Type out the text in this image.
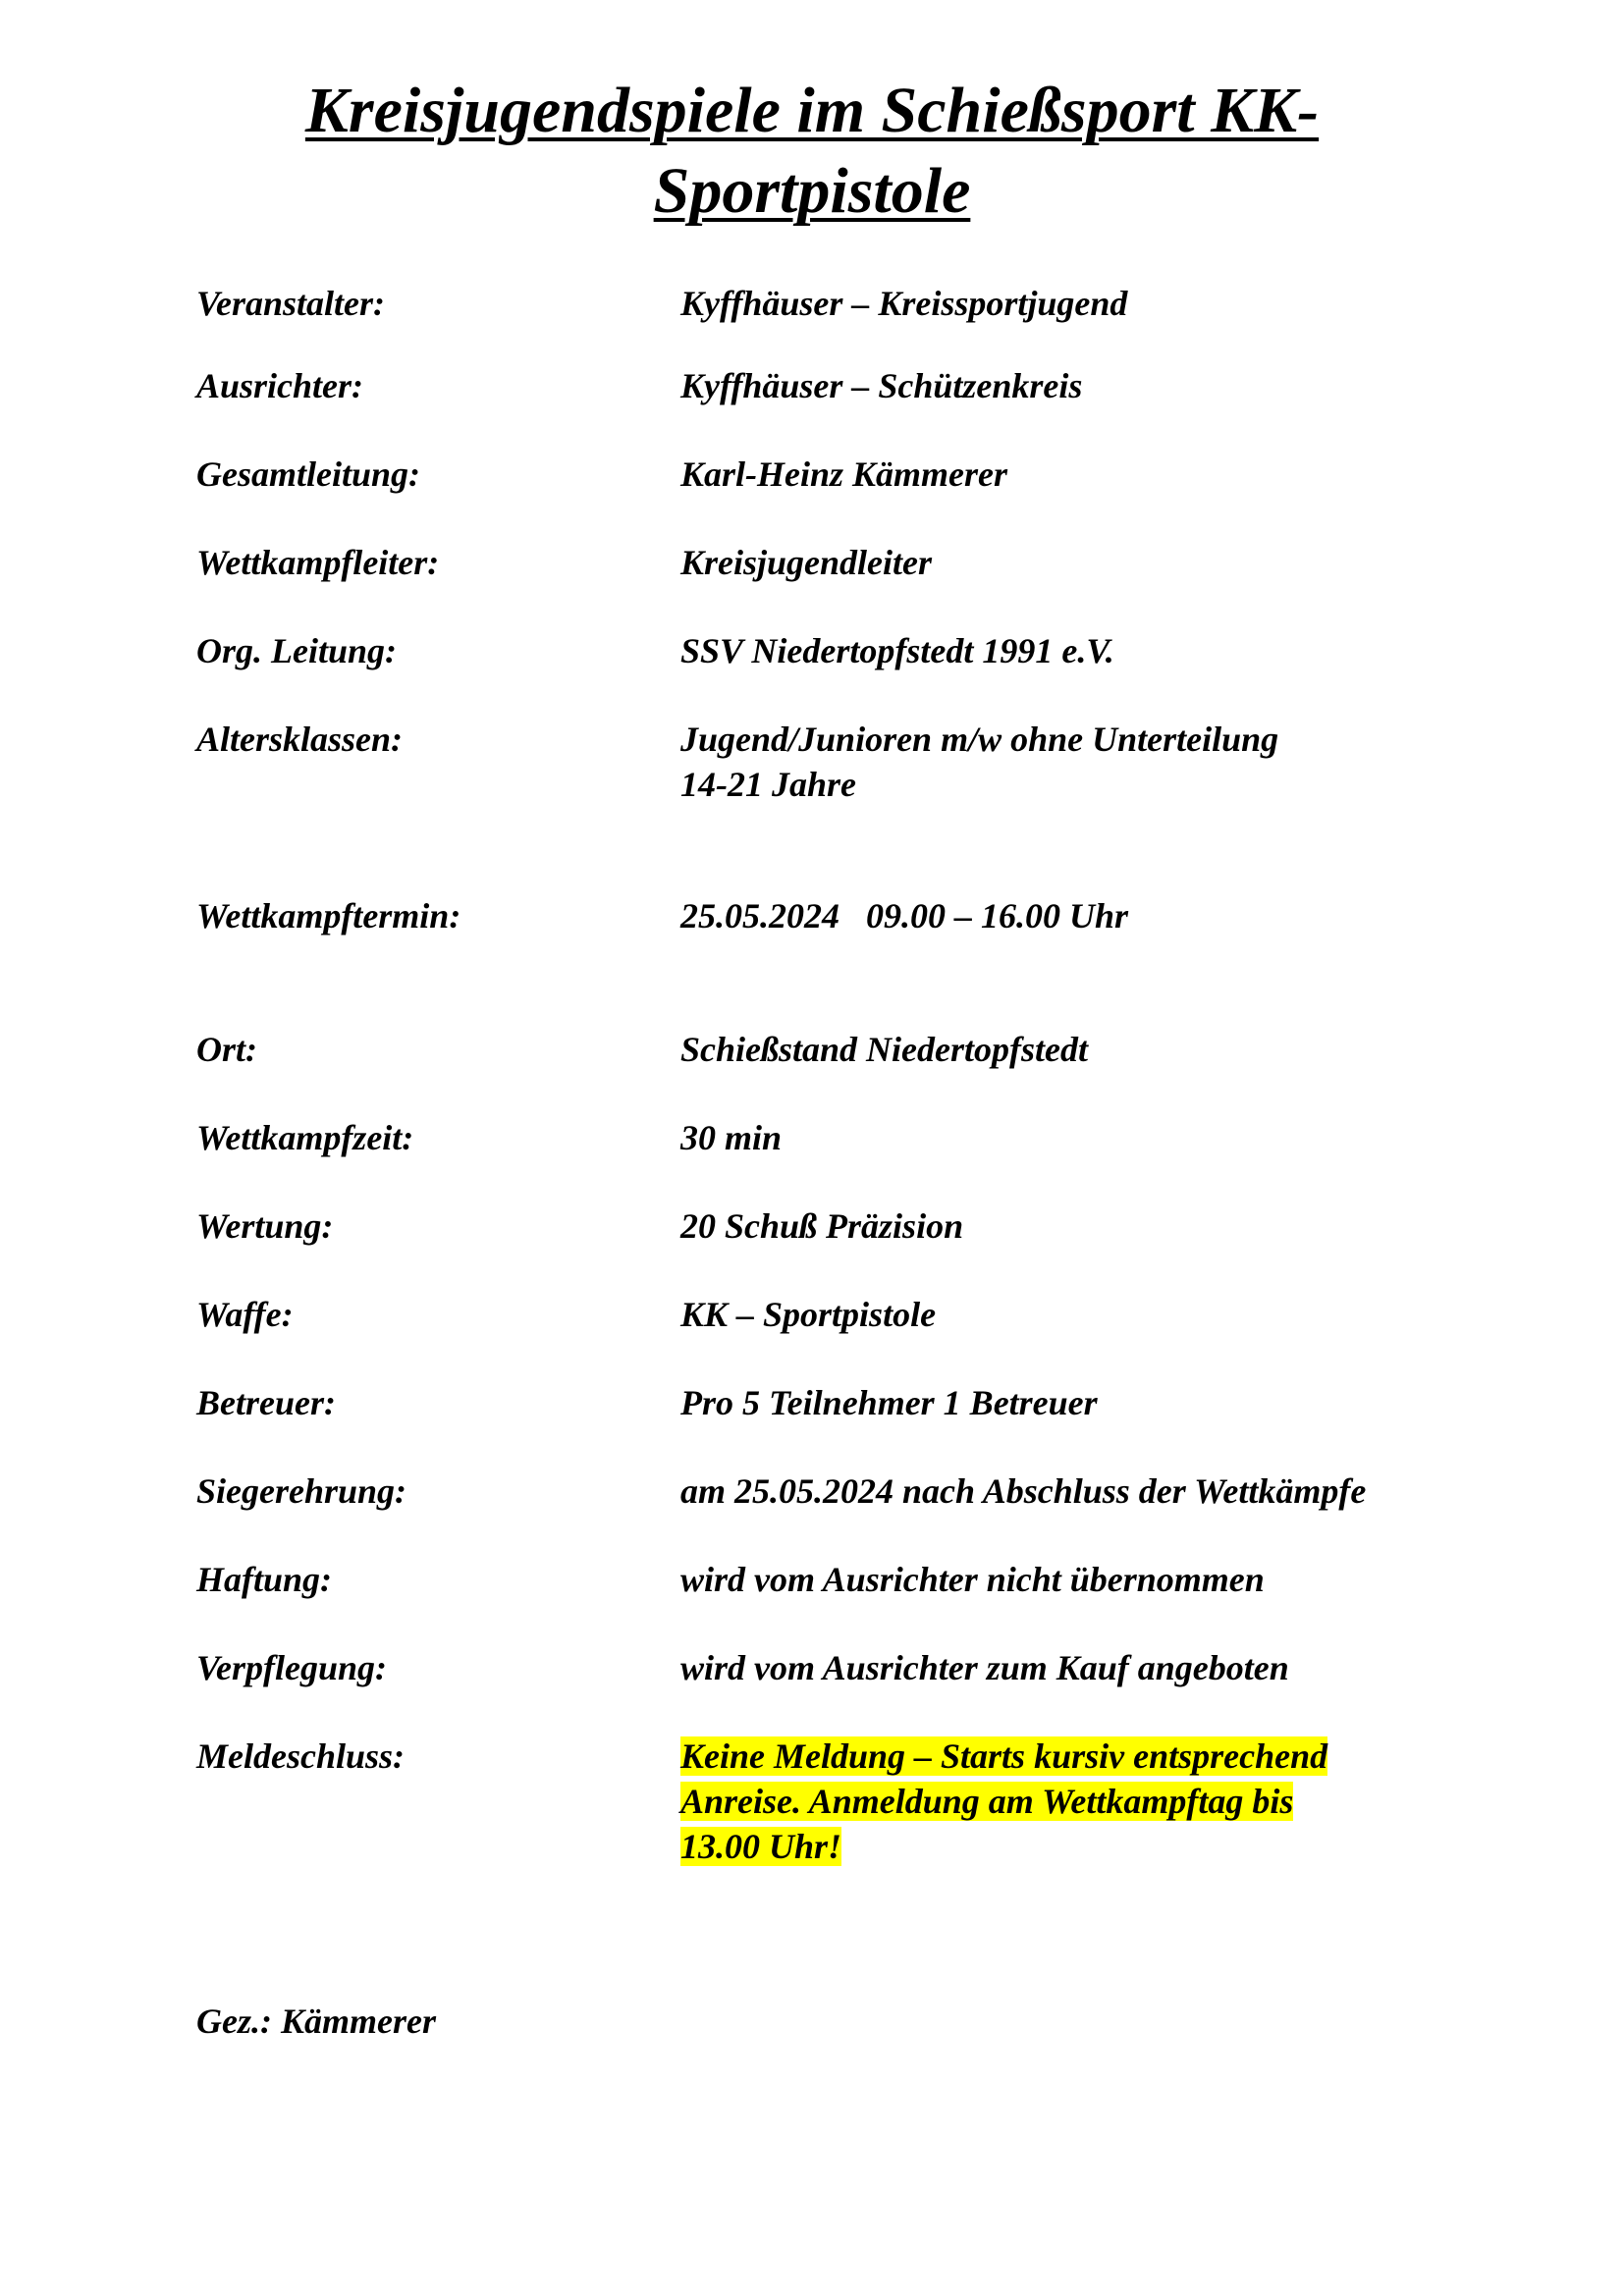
Kreisjugendspiele im Schießsport KK-
Sportpistole
Veranstalter:	Kyffhäuser – Kreissportjugend
Ausrichter:	Kyffhäuser – Schützenkreis
Gesamtleitung:	Karl-Heinz Kämmerer
Wettkampfleiter:	Kreisjugendleiter
Org. Leitung:	SSV Niedertopfstedt 1991 e.V.
Altersklassen:	Jugend/Junioren m/w ohne Unterteilung
14-21 Jahre
Wettkampftermin:	25.05.2024   09.00 – 16.00 Uhr
Ort:	Schießstand Niedertopfstedt
Wettkampfzeit:	30 min
Wertung:	20 Schuß Präzision
Waffe:	KK – Sportpistole
Betreuer:	Pro 5 Teilnehmer 1 Betreuer
Siegerehrung:	am 25.05.2024 nach Abschluss der Wettkämpfe
Haftung:	wird vom Ausrichter nicht übernommen
Verpflegung:	wird vom Ausrichter zum Kauf angeboten
Meldeschluss:	Keine Meldung – Starts kursiv entsprechend
Anreise. Anmeldung am Wettkampftag bis
13.00 Uhr!
Gez.: Kämmerer
